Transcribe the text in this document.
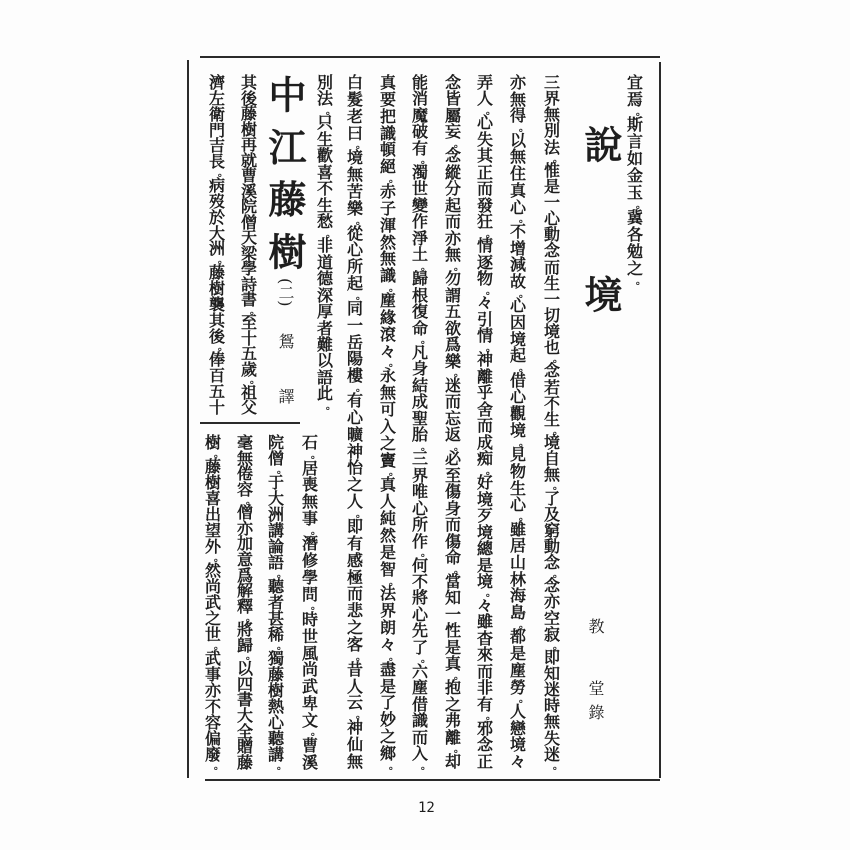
宜
焉
。
斯
言
如
金
玉
。
冀
各
勉
之
。
說
境
教
堂錄
三
界
無
別
法
。
惟
是
一
心
動
念
而
生
一
切
境
也
。
念
若
不
生
。
境
自
無
。
了
及
窮
動
念
。
念
亦
空
寂
。
即
知
迷
時
無
失
迷
。
亦
無
得
。
以
無
住
真
心
。
不
增
減
故
。
心
因
境
起
。
借
心
觀
境
。
見
物
生
心
。
雖
居
山
林
海
島
。
都
是
塵
勞
。
人
戀
境
々
弄
人
。
心
失
其
正
而
發
狂
。
情
逐
物
。
々
引
情
。
神
離
乎
舍
而
成
痴
。
好
境
歹
境
總
是
境
。
々
雖
杳
來
而
非
有
。
邪
念
正
念
皆
屬
妄
。
念
縱
分
起
而
亦
無
。
勿
謂
五
欲
爲
樂
。
迷
而
忘
返
。
必
至
傷
身
而
傷
命
。
當
知
一
性
是
真
。
抱
之
弗
離
。
却
能
消
魔
破
有
。
濁
世
變
作
淨
土
。
歸
根
復
命
。
凡
身
結
成
聖
胎
。
三
界
唯
心
所
作
。
何
不
將
心
先
了
。
六
塵
借
識
而
入
。
真
要
把
識
頓
絕
。
赤
子
渾
然
無
識
。
塵
緣
滾
々
。
永
無
可
入
之
竇
。
真
人
純
然
是
智
。
法
界
朗
々
。
盡
是
了
妙
之
鄉
。
白
髮
老
曰
。
境
無
苦
樂
。
從
心
所
起
。
同
一
岳
陽
樓
。
有
心
曠
神
怡
之
人
。
即
有
感
極
而
悲
之
客
。
昔
人
云
。
神
仙
無
別
法
。
只
生
歡
喜
不
生
愁
。
非
道
德
深
厚
者
難
以
語
此
。
中江藤樹
(二)
鴛
譯
其
後
藤
樹
再
就
曹
溪
院
僧
天
梁
學
詩
書
。
至
十
五
歲
。
祖
父
濟
左
衛
門
吉
長
。
病
歿
於
大
洲
。
藤
樹
襲
其
後
。
俸
百
五
十
石
。
居
喪
無
事
。
潛
修
學
問
。
時
世
風
尚
武
卑
文
。
曹
溪
院
僧
。
于
大
洲
講
論
語
。
聽
者
甚
稀
。
獨
藤
樹
熱
心
聽
講
。
毫
無
倦
容
。
僧
亦
加
意
爲
解
釋
。
將
歸
。
以
四
書
大
全
贈
藤
樹
。
藤
樹
喜
出
望
外
。
然
尚
武
之
世
。
武
事
亦
不
容
偏
廢
。
12
